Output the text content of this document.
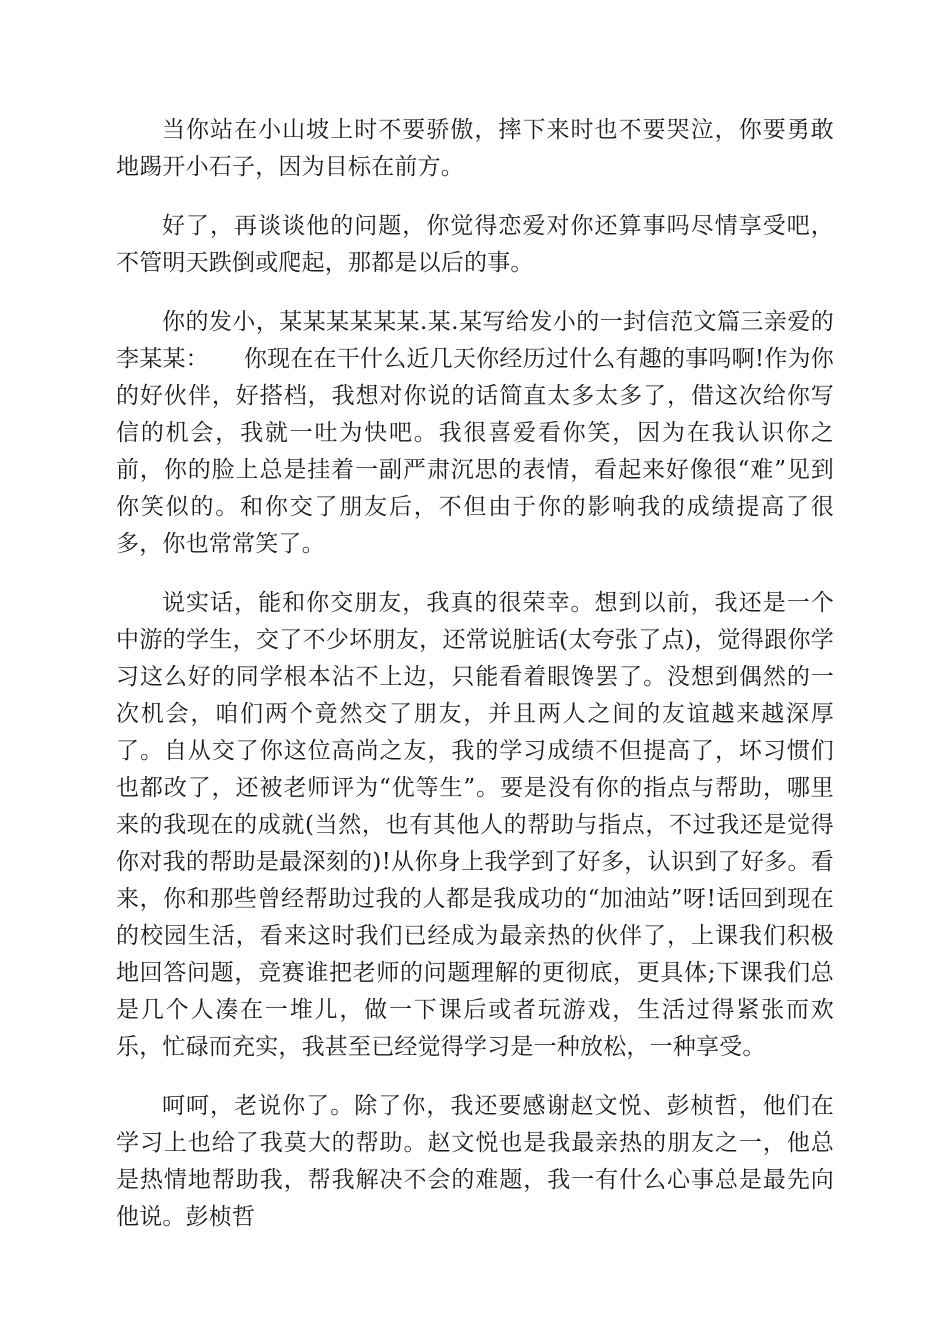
当你站在小山坡上时不要骄傲，摔下来时也不要哭泣，你要勇敢地踢开小石子，因为目标在前方。

好了，再谈谈他的问题，你觉得恋爱对你还算事吗尽情享受吧，不管明天跌倒或爬起，那都是以后的事。

你的发小，某某某某某某.某.某写给发小的一封信范文篇三亲爱的李某某：　　你现在在干什么近几天你经历过什么有趣的事吗啊!作为你的好伙伴，好搭档，我想对你说的话简直太多太多了，借这次给你写信的机会，我就一吐为快吧。我很喜爱看你笑，因为在我认识你之前，你的脸上总是挂着一副严肃沉思的表情，看起来好像很“难”见到你笑似的。和你交了朋友后，不但由于你的影响我的成绩提高了很多，你也常常笑了。

说实话，能和你交朋友，我真的很荣幸。想到以前，我还是一个中游的学生，交了不少坏朋友，还常说脏话(太夸张了点)，觉得跟你学习这么好的同学根本沾不上边，只能看着眼馋罢了。没想到偶然的一次机会，咱们两个竟然交了朋友，并且两人之间的友谊越来越深厚了。自从交了你这位高尚之友，我的学习成绩不但提高了，坏习惯们也都改了，还被老师评为“优等生”。要是没有你的指点与帮助，哪里来的我现在的成就(当然，也有其他人的帮助与指点，不过我还是觉得你对我的帮助是最深刻的)!从你身上我学到了好多，认识到了好多。看来，你和那些曾经帮助过我的人都是我成功的“加油站”呀!话回到现在的校园生活，看来这时我们已经成为最亲热的伙伴了，上课我们积极地回答问题，竞赛谁把老师的问题理解的更彻底，更具体;下课我们总是几个人凑在一堆儿，做一下课后或者玩游戏，生活过得紧张而欢乐，忙碌而充实，我甚至已经觉得学习是一种放松，一种享受。

呵呵，老说你了。除了你，我还要感谢赵文悦、彭桢哲，他们在学习上也给了我莫大的帮助。赵文悦也是我最亲热的朋友之一，他总是热情地帮助我，帮我解决不会的难题，我一有什么心事总是最先向他说。彭桢哲
